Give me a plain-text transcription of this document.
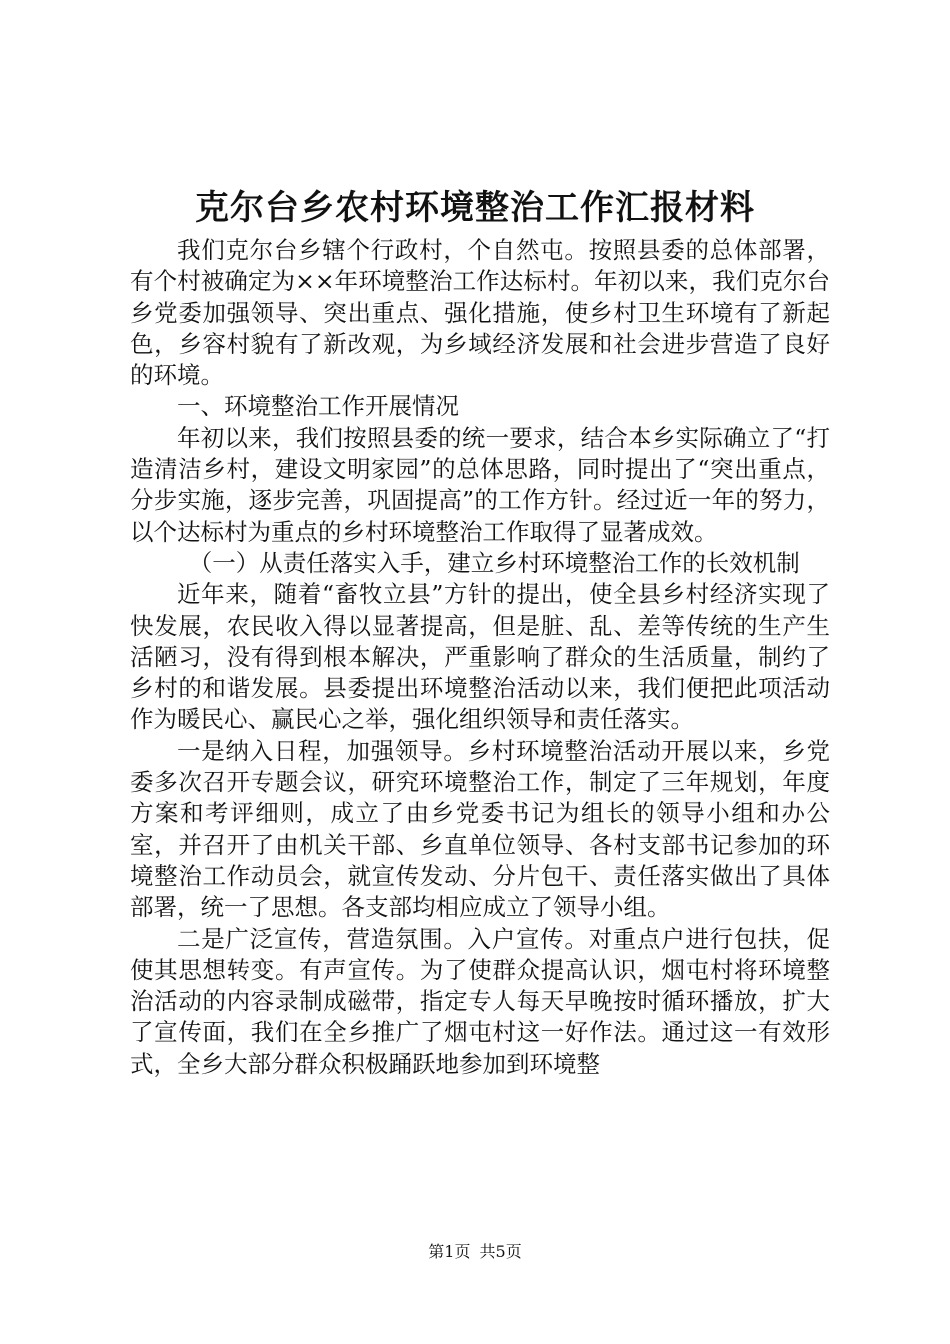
克尔台乡农村环境整治工作汇报材料

我们克尔台乡辖个行政村，个自然屯。按照县委的总体部署，有个村被确定为××年环境整治工作达标村。年初以来，我们克尔台乡党委加强领导、突出重点、强化措施，使乡村卫生环境有了新起色，乡容村貌有了新改观，为乡域经济发展和社会进步营造了良好的环境。

一、环境整治工作开展情况

年初以来，我们按照县委的统一要求，结合本乡实际确立了“打造清洁乡村，建设文明家园”的总体思路，同时提出了“突出重点，分步实施，逐步完善，巩固提高”的工作方针。经过近一年的努力，以个达标村为重点的乡村环境整治工作取得了显著成效。

（一）从责任落实入手，建立乡村环境整治工作的长效机制

近年来，随着“畜牧立县”方针的提出，使全县乡村经济实现了快发展，农民收入得以显著提高，但是脏、乱、差等传统的生产生活陋习，没有得到根本解决，严重影响了群众的生活质量，制约了乡村的和谐发展。县委提出环境整治活动以来，我们便把此项活动作为暖民心、赢民心之举，强化组织领导和责任落实。

一是纳入日程，加强领导。乡村环境整治活动开展以来，乡党委多次召开专题会议，研究环境整治工作，制定了三年规划，年度方案和考评细则，成立了由乡党委书记为组长的领导小组和办公室，并召开了由机关干部、乡直单位领导、各村支部书记参加的环境整治工作动员会，就宣传发动、分片包干、责任落实做出了具体部署，统一了思想。各支部均相应成立了领导小组。

二是广泛宣传，营造氛围。入户宣传。对重点户进行包扶，促使其思想转变。有声宣传。为了使群众提高认识，烟屯村将环境整治活动的内容录制成磁带，指定专人每天早晚按时循环播放，扩大了宣传面，我们在全乡推广了烟屯村这一好作法。通过这一有效形式，全乡大部分群众积极踊跃地参加到环境整

第1页 共5页
